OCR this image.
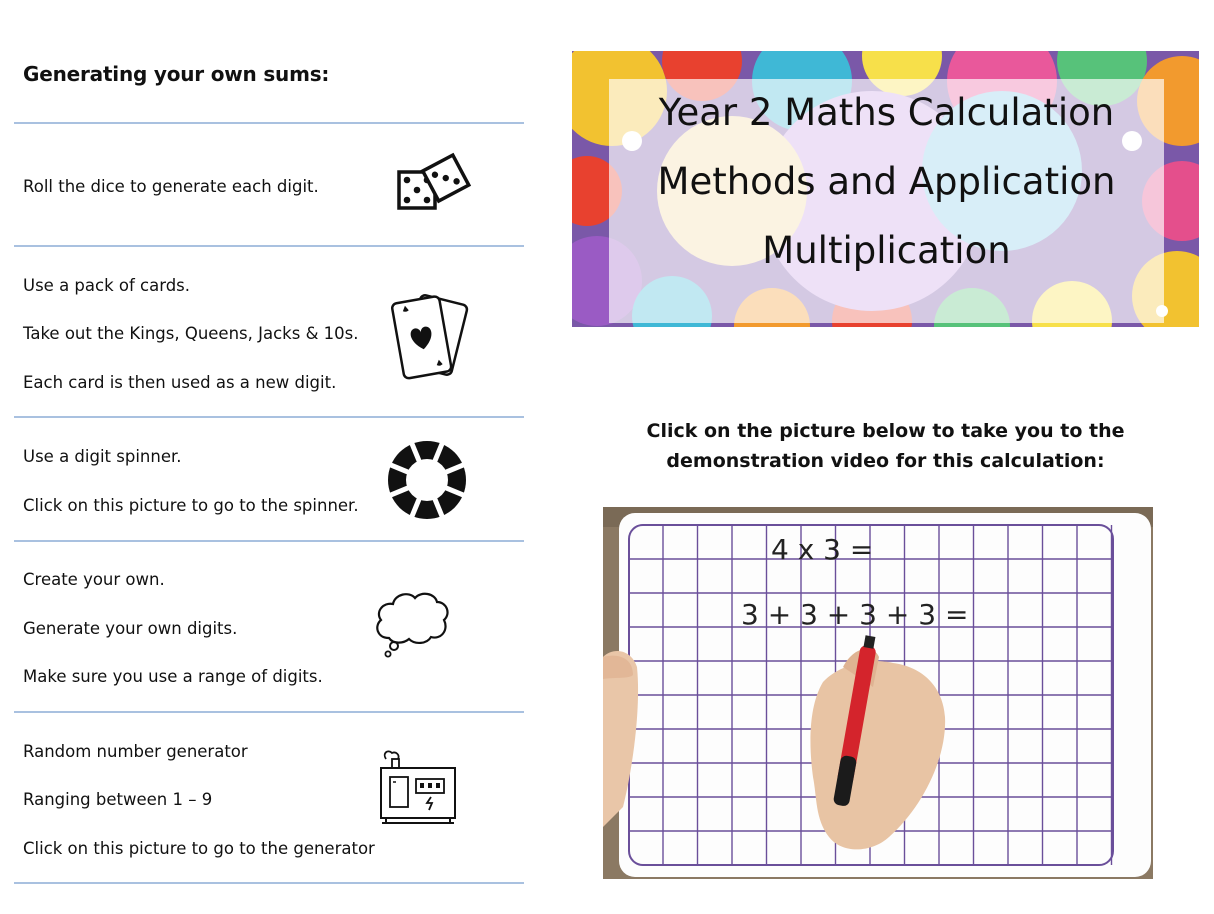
Generating your own sums:
Roll the dice to generate each digit.
Use a pack of cards.
Take out the Kings, Queens, Jacks & 10s.
Each card is then used as a new digit.
Use a digit spinner.
Click on this picture to go to the spinner.
Create your own.
Generate your own digits.
Make sure you use a range of digits.
Random number generator
Ranging between 1 – 9
Click on this picture to go to the generator
Year 2 Maths Calculation
Methods and Application
Multiplication
Click on the picture below to take you to the demonstration video for this calculation:
4 x 3 =
3 + 3 + 3 + 3 =
